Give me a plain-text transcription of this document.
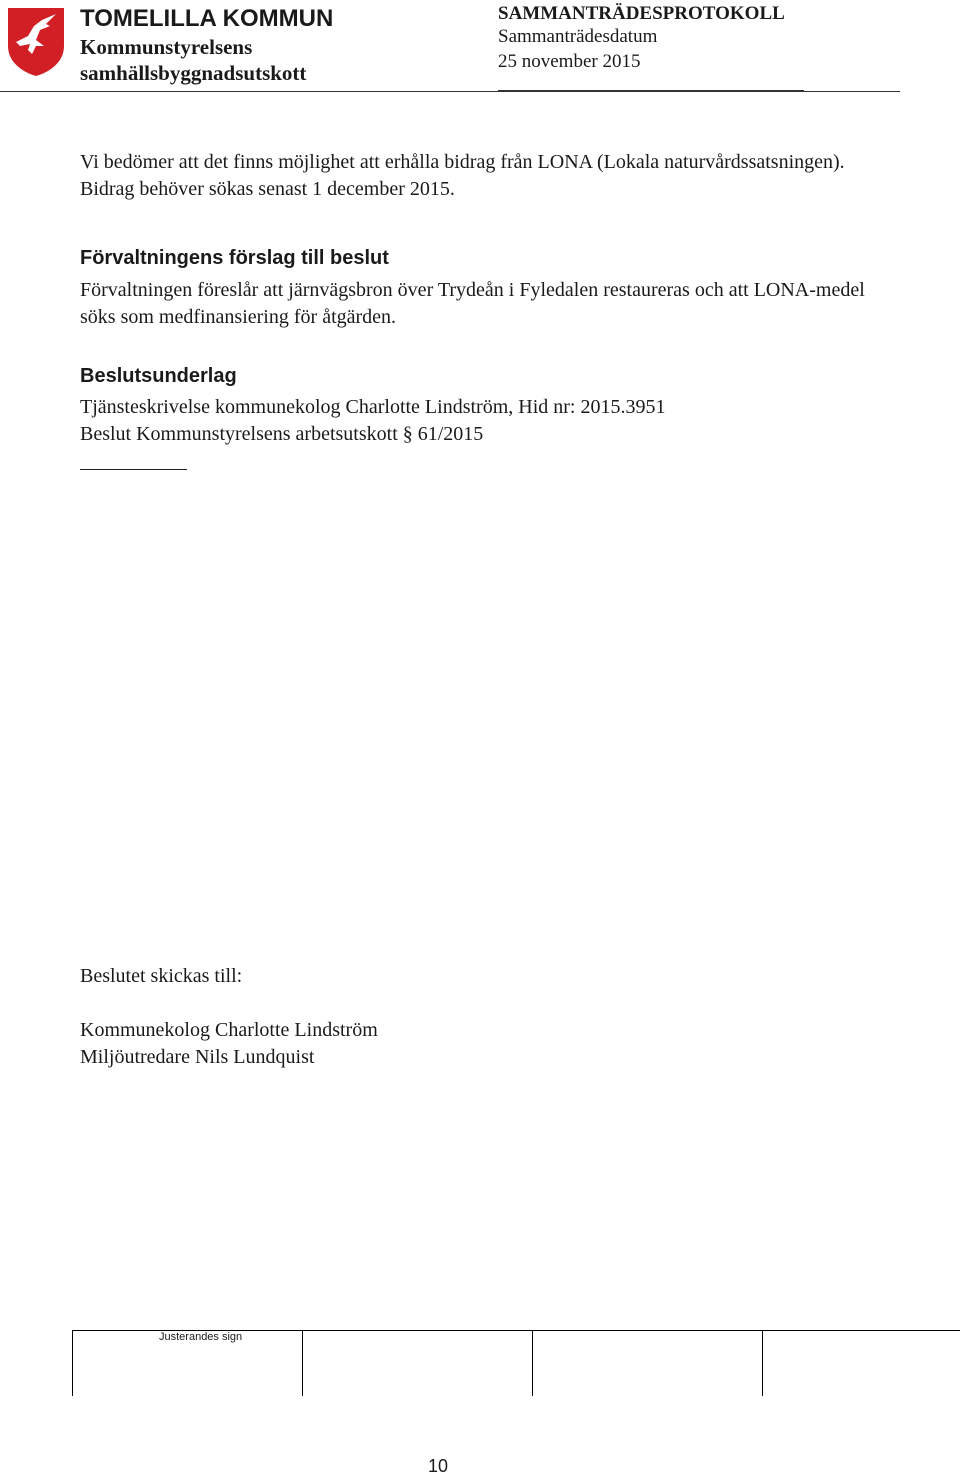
TOMELILLA KOMMUN
Kommunstyrelsens
samhällsbyggnadsutskott
SAMMANTRÄDESPROTOKOLL
Sammanträdesdatum
25 november 2015
Vi bedömer att det finns möjlighet att erhålla bidrag från LONA (Lokala naturvårdssatsningen). Bidrag behöver sökas senast 1 december 2015.
Förvaltningens förslag till beslut
Förvaltningen föreslår att järnvägsbron över Trydeån i Fyledalen restaureras och att LONA-medel söks som medfinansiering för åtgärden.
Beslutsunderlag
Tjänsteskrivelse kommunekolog Charlotte Lindström, Hid nr: 2015.3951
Beslut Kommunstyrelsens arbetsutskott § 61/2015
Beslutet skickas till:
Kommunekolog Charlotte Lindström
Miljöutredare Nils Lundquist
Justerandes sign
10
